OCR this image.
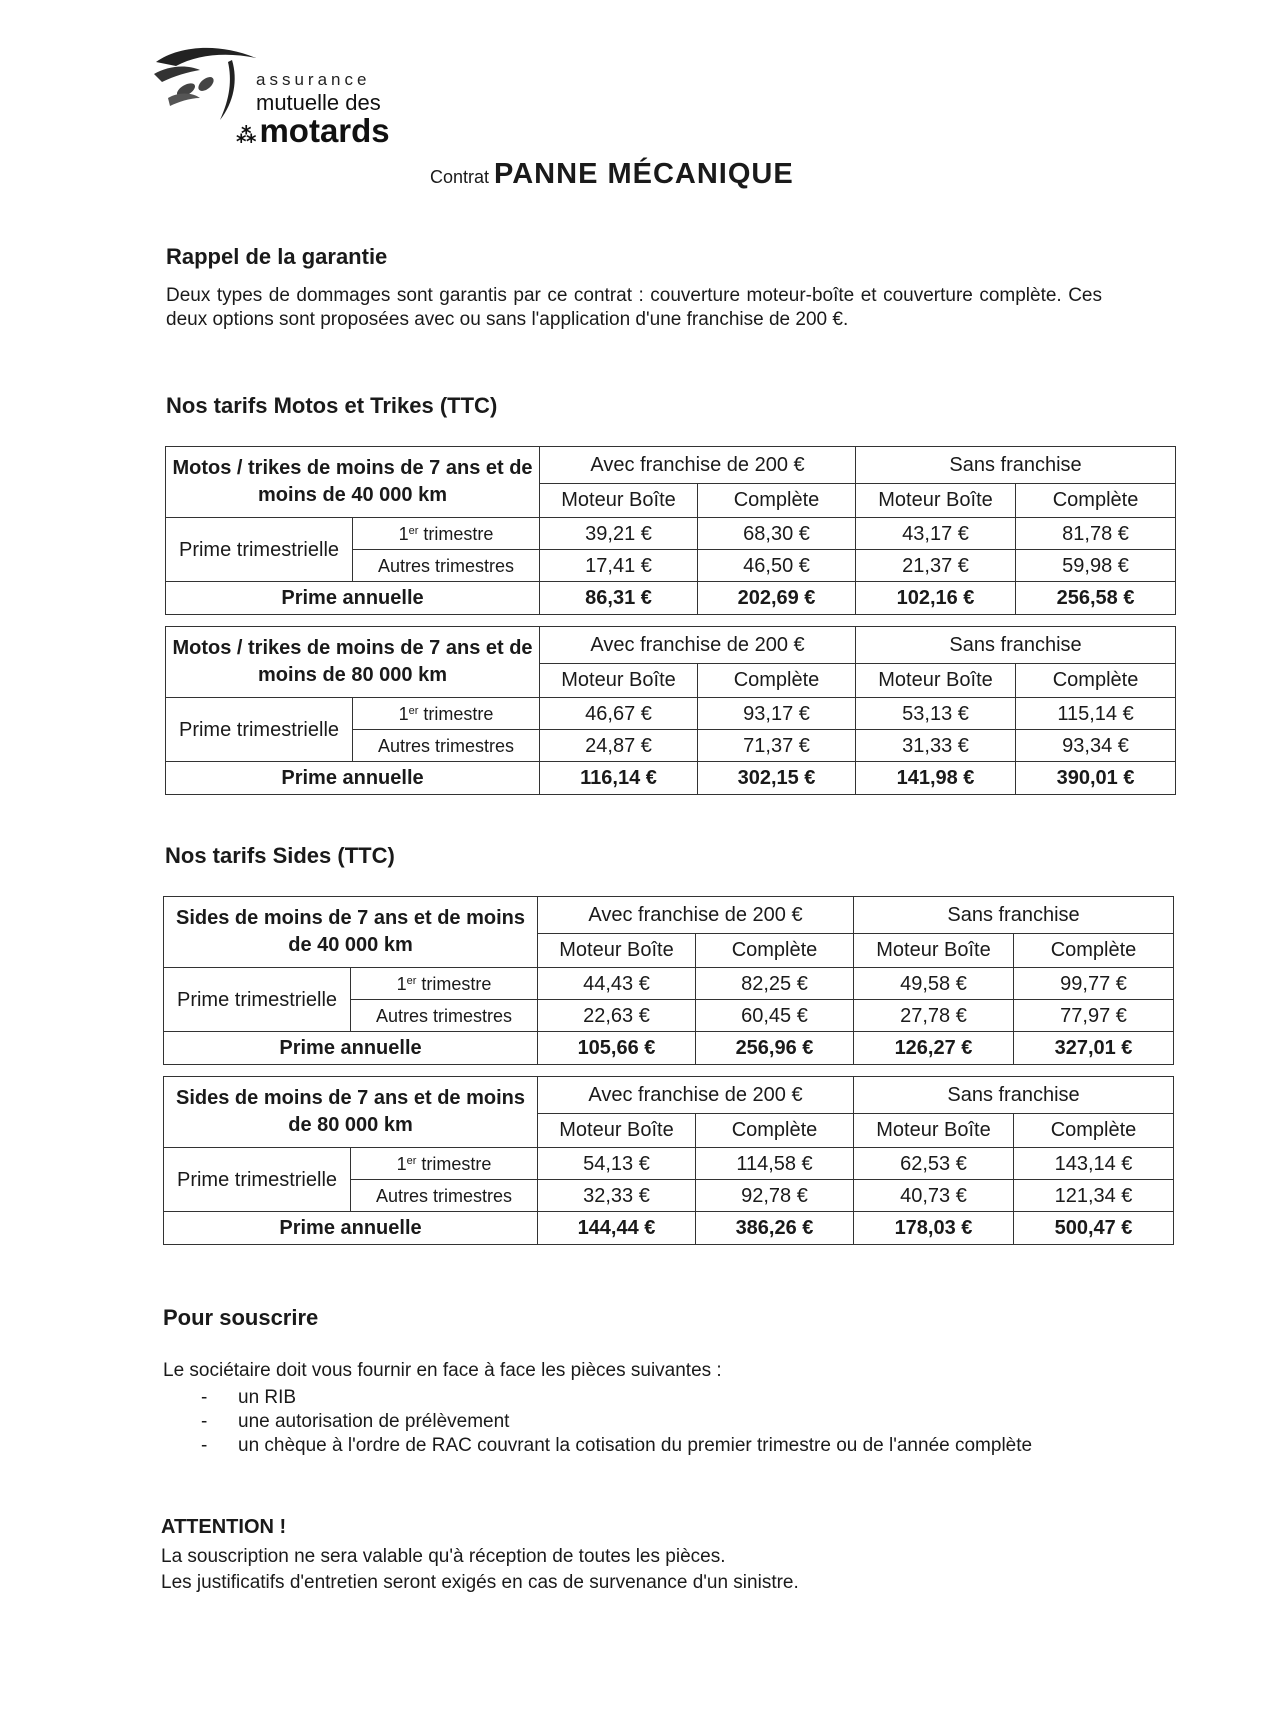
assurance
mutuelle des
⁂motards
Contrat PANNE MÉCANIQUE
Rappel de la garantie
Deux types de dommages sont garantis par ce contrat : couverture moteur-boîte et couverture complète. Ces deux options sont proposées avec ou sans l'application d'une franchise de 200 €.
Nos tarifs Motos et Trikes (TTC)
Motos / trikes de moins de 7 ans et de moins de 40 000 km		Avec franchise de 200 €		Sans franchise	
		Moteur Boîte	Complète	Moteur Boîte	Complète
Prime trimestrielle	1er trimestre	39,21 €	68,30 €	43,17 €	81,78 €
	Autres trimestres	17,41 €	46,50 €	21,37 €	59,98 €
Prime annuelle		86,31 €	202,69 €	102,16 €	256,58 €
Motos / trikes de moins de 7 ans et de moins de 80 000 km		Avec franchise de 200 €		Sans franchise	
		Moteur Boîte	Complète	Moteur Boîte	Complète
Prime trimestrielle	1er trimestre	46,67 €	93,17 €	53,13 €	115,14 €
	Autres trimestres	24,87 €	71,37 €	31,33 €	93,34 €
Prime annuelle		116,14 €	302,15 €	141,98 €	390,01 €
Nos tarifs Sides (TTC)
Sides de moins de 7 ans et de moins de 40 000 km		Avec franchise de 200 €		Sans franchise	
		Moteur Boîte	Complète	Moteur Boîte	Complète
Prime trimestrielle	1er trimestre	44,43 €	82,25 €	49,58 €	99,77 €
	Autres trimestres	22,63 €	60,45 €	27,78 €	77,97 €
Prime annuelle		105,66 €	256,96 €	126,27 €	327,01 €
Sides de moins de 7 ans et de moins de 80 000 km		Avec franchise de 200 €		Sans franchise	
		Moteur Boîte	Complète	Moteur Boîte	Complète
Prime trimestrielle	1er trimestre	54,13 €	114,58 €	62,53 €	143,14 €
	Autres trimestres	32,33 €	92,78 €	40,73 €	121,34 €
Prime annuelle		144,44 €	386,26 €	178,03 €	500,47 €
Pour souscrire
Le sociétaire doit vous fournir en face à face les pièces suivantes :
- un RIB
- une autorisation de prélèvement
- un chèque à l'ordre de RAC couvrant la cotisation du premier trimestre ou de l'année complète
ATTENTION !
La souscription ne sera valable qu'à réception de toutes les pièces.
Les justificatifs d'entretien seront exigés en cas de survenance d'un sinistre.
